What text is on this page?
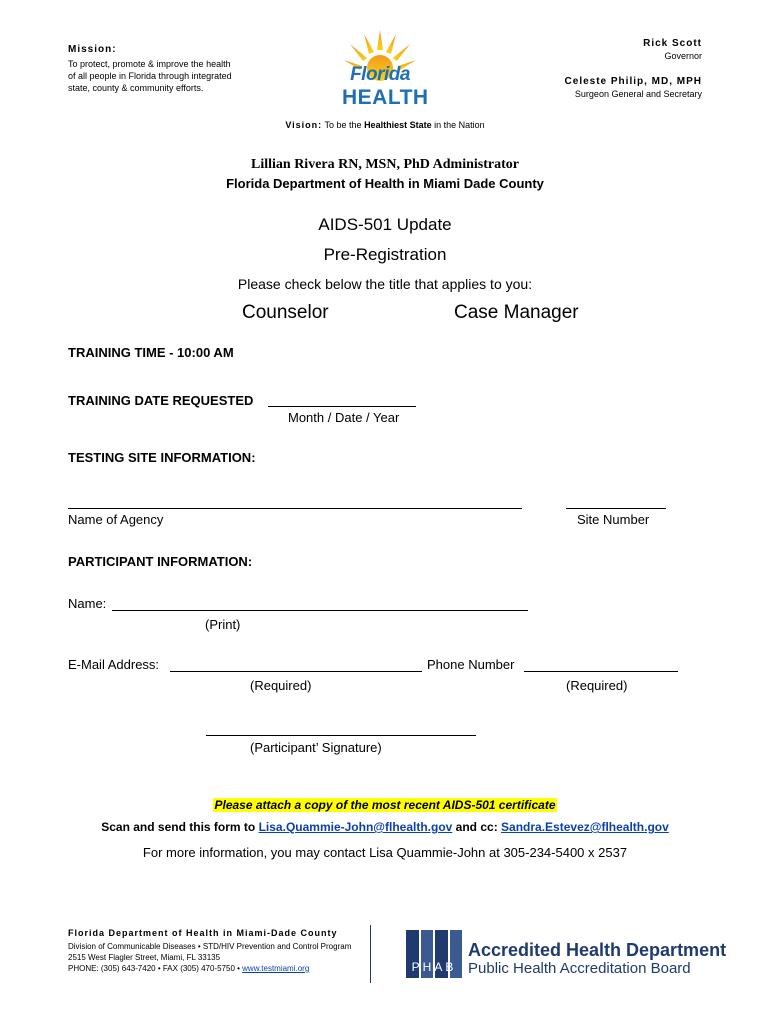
Mission:
To protect, promote & improve the health
of all people in Florida through integrated
state, county & community efforts.
Florida
HEALTH
Rick Scott
Governor
Celeste Philip, MD, MPH
Surgeon General and Secretary
Vision: To be the Healthiest State in the Nation
Lillian Rivera RN, MSN, PhD Administrator
Florida Department of Health in Miami Dade County
AIDS-501 Update
Pre-Registration
Please check below the title that applies to you:
Counselor	Case Manager
TRAINING TIME - 10:00 AM
TRAINING DATE REQUESTED
Month / Date / Year
TESTING SITE INFORMATION:
Name of Agency	Site Number
PARTICIPANT INFORMATION:
Name:
(Print)
E-Mail Address:	Phone Number
(Required)	(Required)
(Participant’ Signature)
Please attach a copy of the most recent AIDS-501 certificate
Scan and send this form to Lisa.Quammie-John@flhealth.gov and cc: Sandra.Estevez@flhealth.gov
For more information, you may contact Lisa Quammie-John at 305-234-5400 x 2537
Florida Department of Health in Miami-Dade County
Division of Communicable Diseases • STD/HIV Prevention and Control Program
2515 West Flagler Street, Miami, FL 33135
PHONE: (305) 643-7420 • FAX (305) 470-5750 • www.testmiami.org	PHAB
Accredited Health Department
Public Health Accreditation Board
